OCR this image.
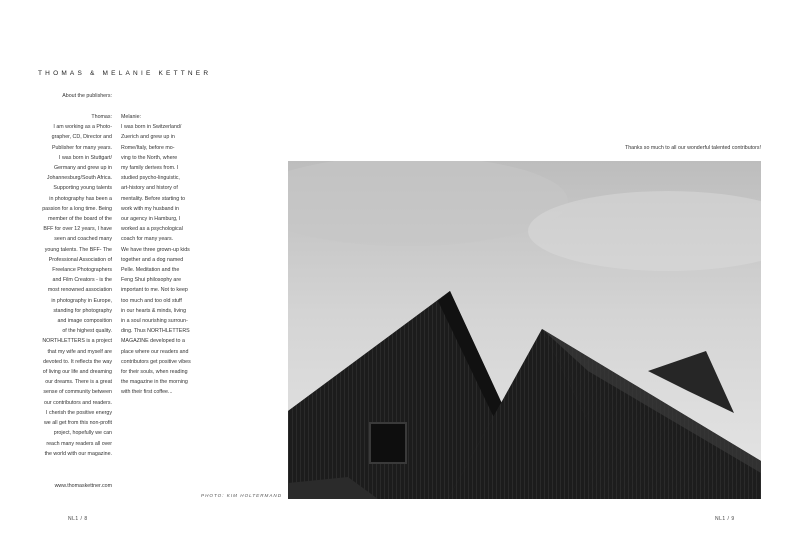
THOMAS & MELANIE KETTNER
About the publishers:
Thomas:
I am working as a Photo-
grapher, CD, Director and
Publisher for many years.
I was born in Stuttgart/
Germany and grew up in
Johannesburg/South Africa.
Supporting young talents
in photography has been a
passion for a long time. Being
member of the board of the
BFF for over 12 years, I have
seen and coached many
young talents. The BFF- The
Professional Association of
Freelance Photographers
and Film Creators - is the
most renowned association
in photography in Europe,
standing for photography
and image composition
of the highest quality.
NORTHLETTERS is a project
that my wife and myself are
devoted to. It reflects the way
of living our life and dreaming
our dreams. There is a great
sense of community between
our contributors and readers.
I cherish the positive energy
we all get from this non-profit
project, hopefully we can
reach many readers all over
the world with our magazine.
Melanie:
I was born in Switzerland/
Zuerich and grew up in
Rome/Italy, before mo-
ving to the North, where
my family derives from. I
studied psycho-linguistic,
art-history and history of
mentality. Before starting to
work with my husband in
our agency in Hamburg, I
worked as a psychological
coach for many years.
We have three grown-up kids
together and a dog named
Pelle. Meditation and the
Feng Shui philosophy are
important to me. Not to keep
too much and too old stuff
in our hearts & minds, living
in a soul nourishing surroun-
ding. Thus NORTHLETTERS
MAGAZINE developed to a
place where our readers and
contributors get positive vibes
for their souls, when reading
the magazine in the morning
with their first coffee...
www.thomaskettner.com
Thanks so much to all our wonderful talented contributors!
PHOTO: KIM HOLTERMAND
NL1 / 8	NL1 / 9
